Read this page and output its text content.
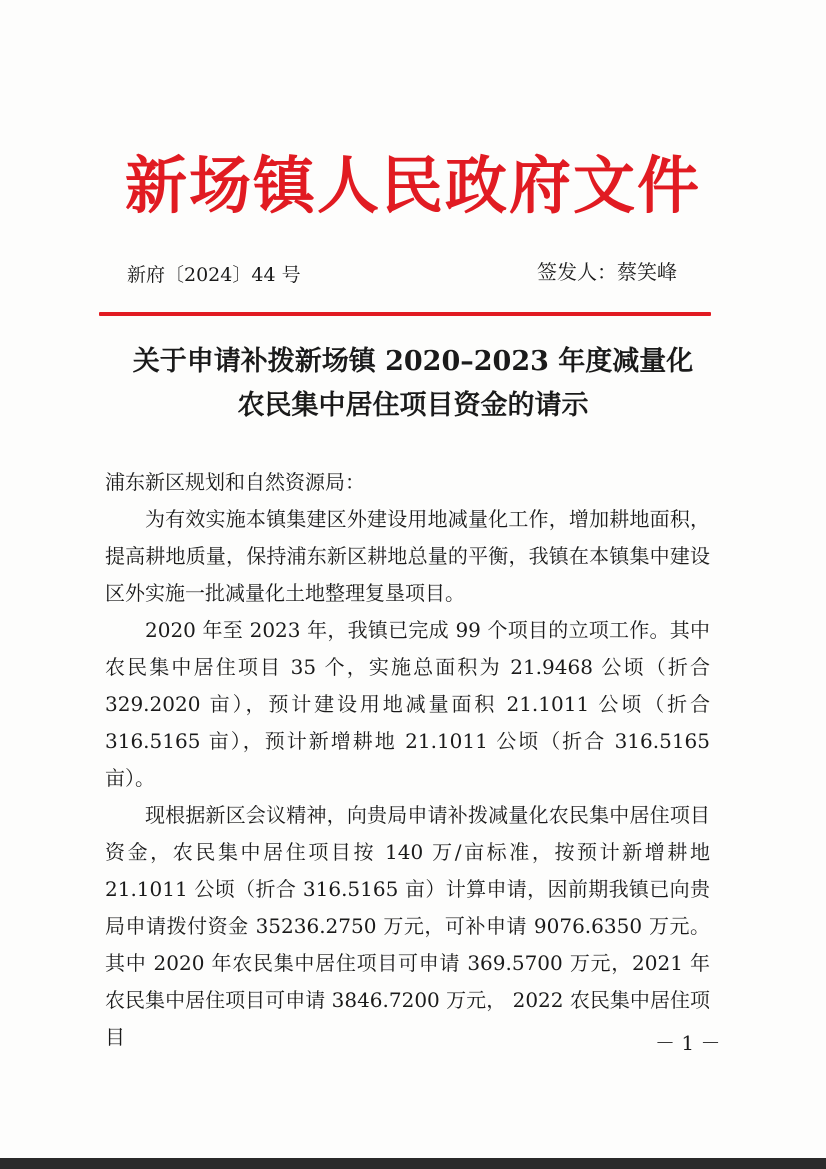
新场镇人民政府文件
新府〔2024〕44 号	签发人：蔡笑峰
关于申请补拨新场镇 2020–2023 年度减量化
农民集中居住项目资金的请示

浦东新区规划和自然资源局：

为有效实施本镇集建区外建设用地减量化工作，增加耕地面积，提高耕地质量，保持浦东新区耕地总量的平衡，我镇在本镇集中建设区外实施一批减量化土地整理复垦项目。

2020 年至 2023 年，我镇已完成 99 个项目的立项工作。其中农民集中居住项目 35 个，实施总面积为 21.9468 公顷（折合 329.2020 亩），预计建设用地减量面积 21.1011 公顷（折合 316.5165 亩），预计新增耕地 21.1011 公顷（折合 316.5165 亩）。

现根据新区会议精神，向贵局申请补拨减量化农民集中居住项目资金，农民集中居住项目按 140 万/亩标准，按预计新增耕地 21.1011 公顷（折合 316.5165 亩）计算申请，因前期我镇已向贵局申请拨付资金 35236.2750 万元，可补申请 9076.6350 万元。其中 2020 年农民集中居住项目可申请 369.5700 万元，2021 年农民集中居住项目可申请 3846.7200 万元， 2022 农民集中居住项目	－ 1 －
